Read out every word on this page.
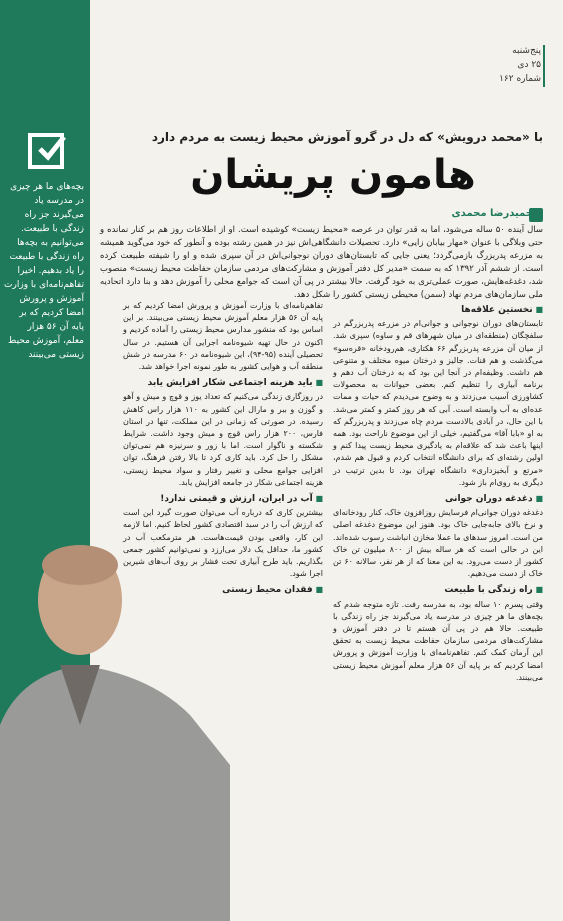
بچه‌های ما هر چیزی در مدرسه یاد می‌گیرند جز راه زندگی با طبیعت. می‌توانیم به بچه‌ها راه زندگی با طبیعت را یاد بدهیم. اخیرا تفاهم‌نامه‌ای با وزارت آموزش و پرورش امضا کردیم که بر پایه آن ۵۶ هزار معلم، آموزش محیط زیستی می‌بینند
پنج‌شنبه
۲۵ دی
شماره ۱۶۲
با «محمد درویش» که دل در گرو آموزش محیط زیست به مردم دارد
هامون پریشان
حمیدرضا محمدی
سال آینده ۵۰ ساله می‌شود، اما به قدر توان در عرصه «محیط زیست» کوشیده است. او از اطلاعات روز هم بر کنار نمانده و حتی وبلاگی با عنوان «مهار بیابان زایی» دارد. تحصیلات دانشگاهی‌اش نیز در همین رشته بوده و آنطور که خود می‌گوید همیشه به مزرعه پدربزرگ بازمی‌گردد؛ یعنی جایی که تابستان‌های دوران نوجوانی‌اش در آن سپری شده و او را شیفته طبیعت کرده است. از ششم آذر ۱۳۹۲ که به سمت «مدیر کل دفتر آموزش و مشارکت‌های مردمی سازمان حفاظت محیط زیست» منصوب شد، دغدغه‌هایش، صورت عملی‌تری به خود گرفت. حالا بیشتر در پی آن است که جوامع محلی را آموزش دهد و بنا دارد اتحادیه ملی سازمان‌های مردم نهاد (سمن) محیطی زیستی کشور را شکل دهد.
■ نخستین علاقه‌ها

تابستان‌های دوران نوجوانی و جوانی‌ام در مزرعه پدربزرگم در سلفچگان (منطقه‌ای در میان شهرهای قم و ساوه) سپری شد. از میان آن مزرعه پدربزرگم ۶۶ هکتاری، هم‌رودخانه «قره‌سو» می‌گذشت و هم قنات. جالیز و درختان میوه مختلف و متنوعی هم داشت. وظیفه‌ام در آنجا این بود که به درختان آب دهم و برنامه آبیاری را تنظیم کنم. بعضی حیوانات به محصولات کشاورزی آسیب می‌زدند و به وضوح می‌دیدم که حیات و ممات عده‌ای به آب وابسته است. آبی که هر روز کمتر و کمتر می‌شد. با این حال، در آبادی بالادست مردم چاه می‌زدند و پدربزرگم که به او «بابا آقا» می‌گفتیم، خیلی از این موضوع ناراحت بود. همه اینها باعث شد که علاقه‌ام به یادگیری محیط زیست پیدا کنم و اولین رشته‌ای که برای دانشگاه انتخاب کردم و قبول هم شدم، «مرتع و آبخیزداری» دانشگاه تهران بود. تا بدین ترتیب در دیگری به روی‌ام باز شود.

■ دغدغه دوران جوانی

دغدغه دوران جوانی‌ام فرسایش روزافزون خاک، کنار رودخانه‌ای و نرخ بالای جابه‌جایی خاک بود. هنوز این موضوع دغدغه اصلی من است. امروز سدهای ما عملا مخازن انباشت رسوب شده‌اند. این در حالی است که هر ساله بیش از ۸۰۰ میلیون تن خاک کشور از دست می‌رود. به این معنا که از هر نفر، سالانه ۶۰ تن خاک از دست می‌دهیم.

■ راه زندگی با طبیعت

وقتی پسرم ۱۰ ساله بود، به مدرسه رفت. تازه متوجه شدم که بچه‌های ما هر چیزی در مدرسه یاد می‌گیرند جز راه زندگی با طبیعت. حالا هم در پی آن هستم تا در دفتر آموزش و مشارکت‌های مردمی سازمان حفاظت محیط زیست به تحقق این آرمان کمک کنم. تفاهم‌نامه‌ای با وزارت آموزش و پرورش امضا کردیم که بر پایه آن ۵۶ هزار معلم آموزش محیط زیستی می‌بینند.

تفاهم‌نامه‌ای با وزارت آموزش و پرورش امضا کردیم که بر پایه آن ۵۶ هزار معلم آموزش محیط زیستی می‌بینند. بر این اساس بود که منشور مدارس محیط زیستی را آماده کردیم و اکنون در حال تهیه شیوه‌نامه اجرایی آن هستیم. در سال تحصیلی آینده (۹۵-۹۴)، این شیوه‌نامه در ۶۰ مدرسه در شش منطقه آب و هوایی کشور به طور نمونه اجرا خواهد شد.

■ باید هزینه اجتماعی شکار افزایش یابد

در روزگاری زندگی می‌کنیم که تعداد یوز و قوچ و میش و آهو و گوزن و ببر و مارال این کشور به ۱۱۰ هزار راس کاهش رسیده. در صورتی که زمانی در این مملکت، تنها در استان فارس، ۲۰۰ هزار راس قوچ و میش وجود داشت. شرایط شکسته و ناگوار است. اما با زور و سرنیزه هم نمی‌توان مشکل را حل کرد. باید کاری کرد تا بالا رفتن فرهنگ، توان افزایی جوامع محلی و تغییر رفتار و سواد محیط زیستی، هزینه اجتماعی شکار در جامعه افزایش یابد.

■ آب در ایران، ارزش و قیمتی ندارد!

بیشترین کاری که درباره آب می‌توان صورت گیرد این است که ارزش آب را در سبد اقتصادی کشور لحاظ کنیم. اما لازمه این کار، واقعی بودن قیمت‌هاست. هر مترمکعب آب در کشور ما، حداقل یک دلار می‌ارزد و نمی‌توانیم کشور جمعی بگذاریم. باید طرح آبیاری تحت فشار بر روی آب‌های شیرین اجرا شود.

■ فقدان محیط زیستی
